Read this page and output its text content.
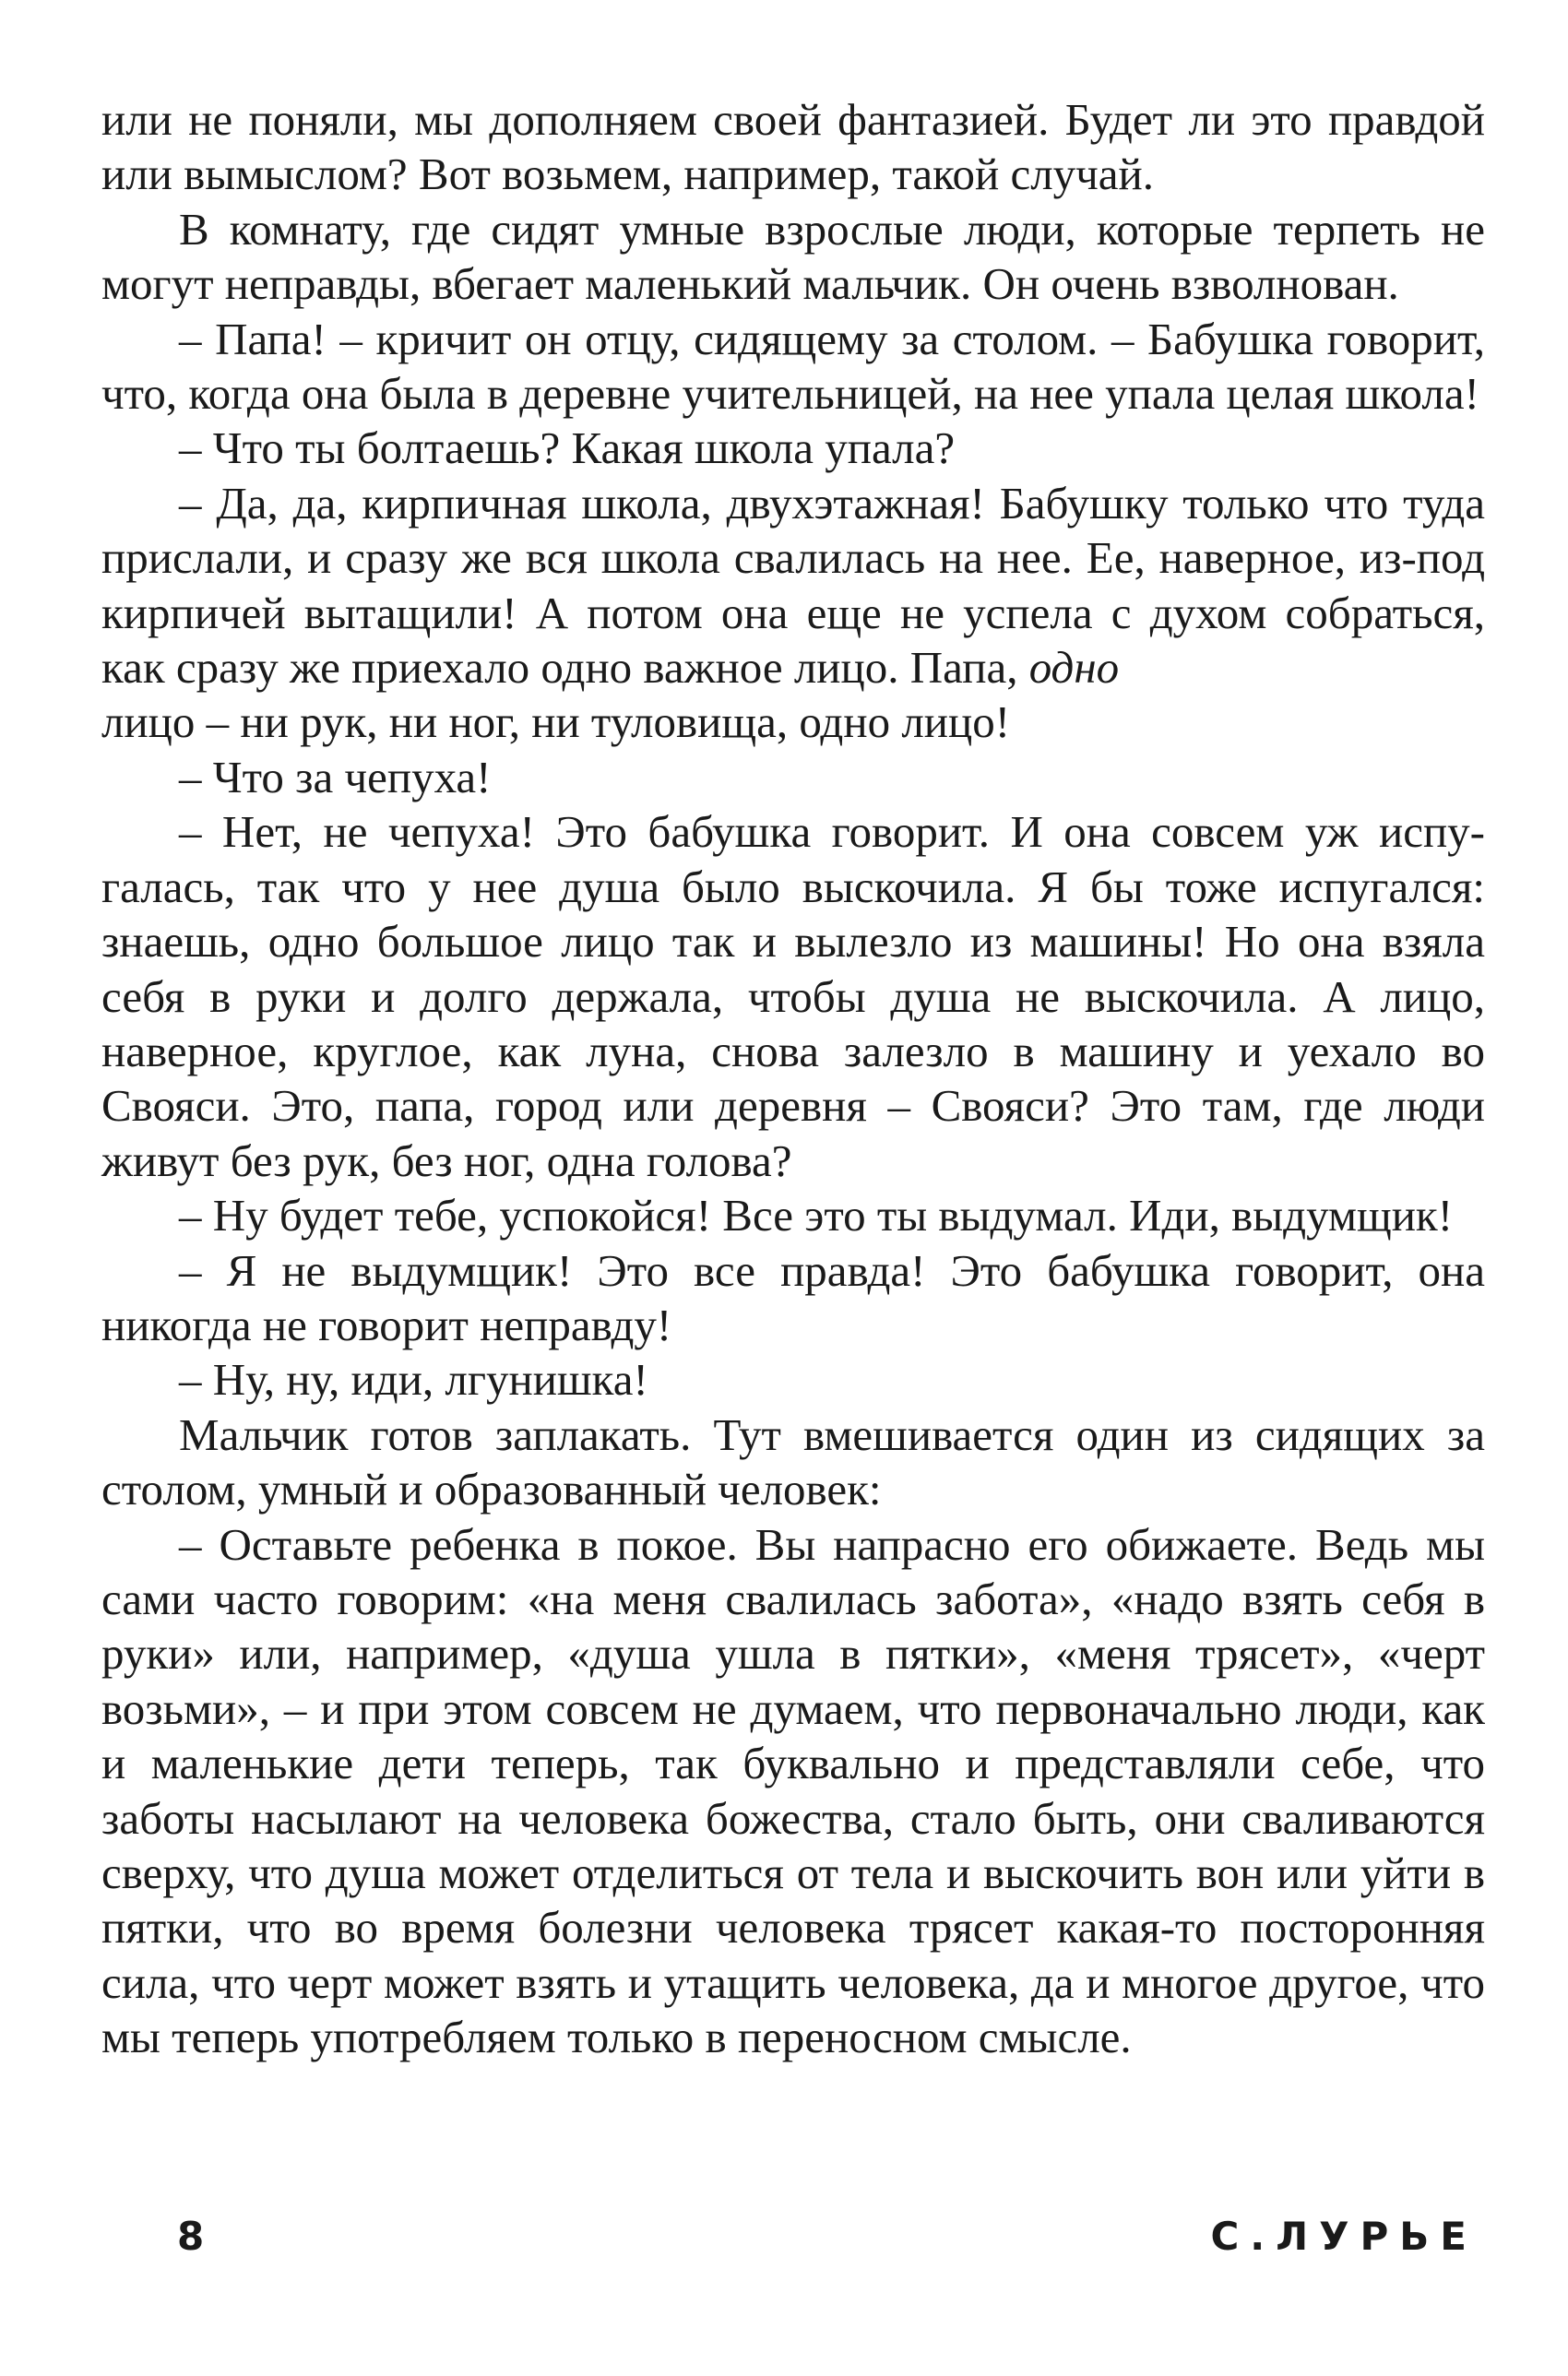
или не поняли, мы дополняем своей фантазией. Будет ли это правдой или вымыслом? Вот возьмем, например, такой случай.

В комнату, где сидят умные взрослые люди, которые терпеть не могут неправды, вбегает маленький мальчик. Он очень взволнован.

– Папа! – кричит он отцу, сидящему за столом. – Бабушка говорит, что, когда она была в деревне учительницей, на нее упала целая школа!

– Что ты болтаешь? Какая школа упала?

– Да, да, кирпичная школа, двухэтажная! Бабушку только что туда прислали, и сразу же вся школа свалилась на нее. Ее, наверное, из-под кирпичей вытащили! А потом она еще не успела с духом собраться, как сразу же приехало одно важное лицо. Папа, одно
лицо – ни рук, ни ног, ни туловища, одно лицо!

– Что за чепуха!

– Нет, не чепуха! Это бабушка говорит. И она совсем уж испугалась, так что у нее душа было выскочила. Я бы тоже испугался: знаешь, одно большое лицо так и вылезло из машины! Но она взяла себя в руки и долго держала, чтобы душа не выскочила. А лицо, наверное, круглое, как луна, снова залезло в машину и уехало во Свояси. Это, папа, город или деревня – Свояси? Это там, где люди живут без рук, без ног, одна голова?

– Ну будет тебе, успокойся! Все это ты выдумал. Иди, выдумщик!

– Я не выдумщик! Это все правда! Это бабушка говорит, она никогда не говорит неправду!

– Ну, ну, иди, лгунишка!

Мальчик готов заплакать. Тут вмешивается один из сидящих за столом, умный и образованный человек:

– Оставьте ребенка в покое. Вы напрасно его обижаете. Ведь мы сами часто говорим: «на меня свалилась забота», «надо взять себя в руки» или, например, «душа ушла в пятки», «меня трясет», «черт возьми», – и при этом совсем не думаем, что первоначально люди, как и маленькие дети теперь, так буквально и представляли себе, что заботы насылают на человека божества, стало быть, они сваливаются сверху, что душа может отделиться от тела и выскочить вон или уйти в пятки, что во время болезни человека трясет какая-то посторонняя сила, что черт может взять и утащить человека, да и многое другое, что мы теперь употребляем только в переносном смысле.

8	С.ЛУРЬЕ
